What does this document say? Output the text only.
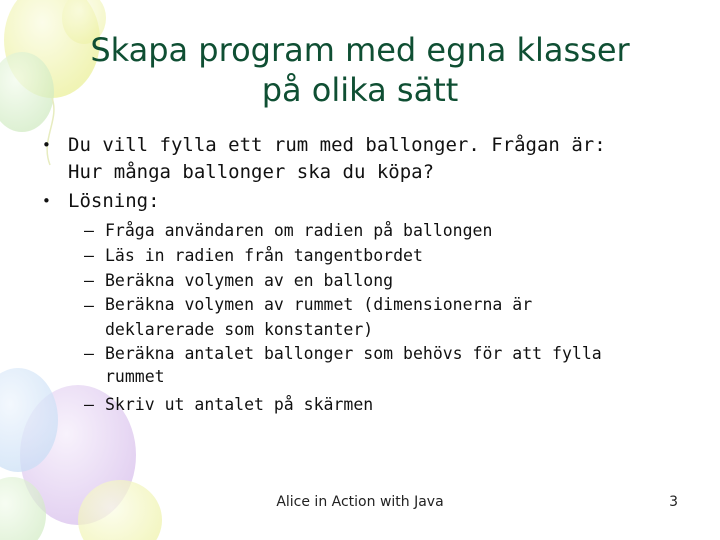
Skapa program med egna klasser
på olika sätt
• Du vill fylla ett rum med ballonger. Frågan är:
Hur många ballonger ska du köpa?
• Lösning:
– Fråga användaren om radien på ballongen
– Läs in radien från tangentbordet
– Beräkna volymen av en ballong
– Beräkna volymen av rummet (dimensionerna är
deklarerade som konstanter)
– Beräkna antalet ballonger som behövs för att fylla
rummet
– Skriv ut antalet på skärmen
Alice in Action with Java	3
